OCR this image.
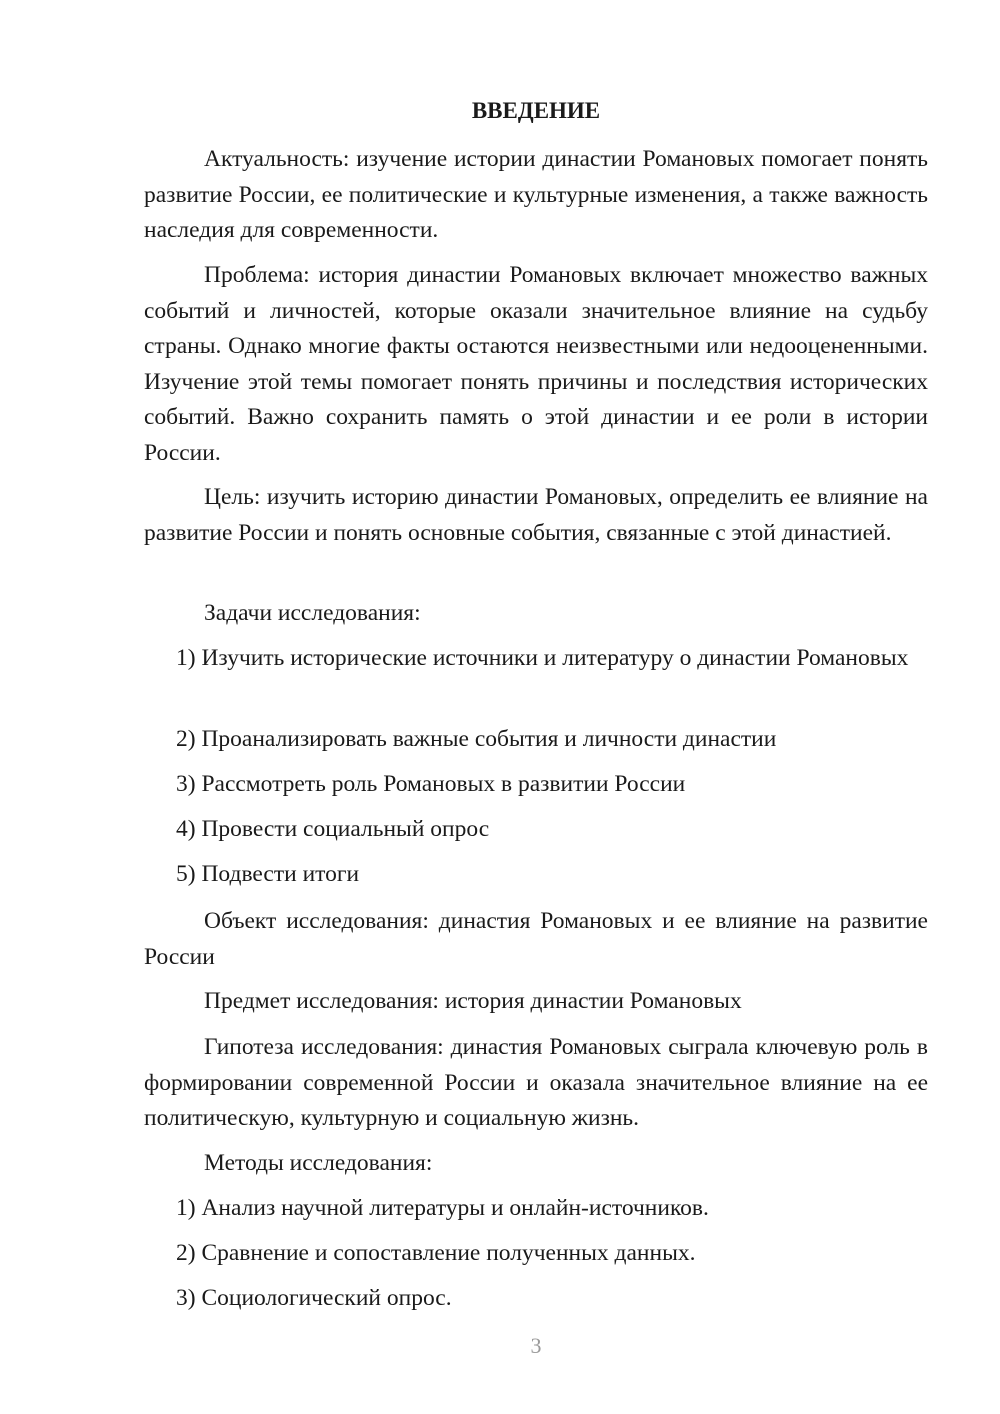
ВВЕДЕНИЕ

Актуальность: изучение истории династии Романовых помогает понять развитие России, ее политические и культурные изменения, а также важность наследия для современности.

Проблема: история династии Романовых включает множество важных событий и личностей, которые оказали значительное влияние на судьбу страны. Однако многие факты остаются неизвестными или недооцененными. Изучение этой темы помогает понять причины и последствия исторических событий. Важно сохранить память о этой династии и ее роли в истории России.

Цель: изучить историю династии Романовых, определить ее влияние на развитие России и понять основные события, связанные с этой династией.

Задачи исследования:

1) Изучить исторические источники и литературу о династии Романовых

2) Проанализировать важные события и личности династии

3) Рассмотреть роль Романовых в развитии России

4) Провести социальный опрос

5) Подвести итоги

Объект исследования: династия Романовых и ее влияние на развитие России

Предмет исследования: история династии Романовых

Гипотеза исследования: династия Романовых сыграла ключевую роль в формировании современной России и оказала значительное влияние на ее политическую, культурную и социальную жизнь.

Методы исследования:

1) Анализ научной литературы и онлайн-источников.

2) Сравнение и сопоставление полученных данных.

3) Социологический опрос.

3
